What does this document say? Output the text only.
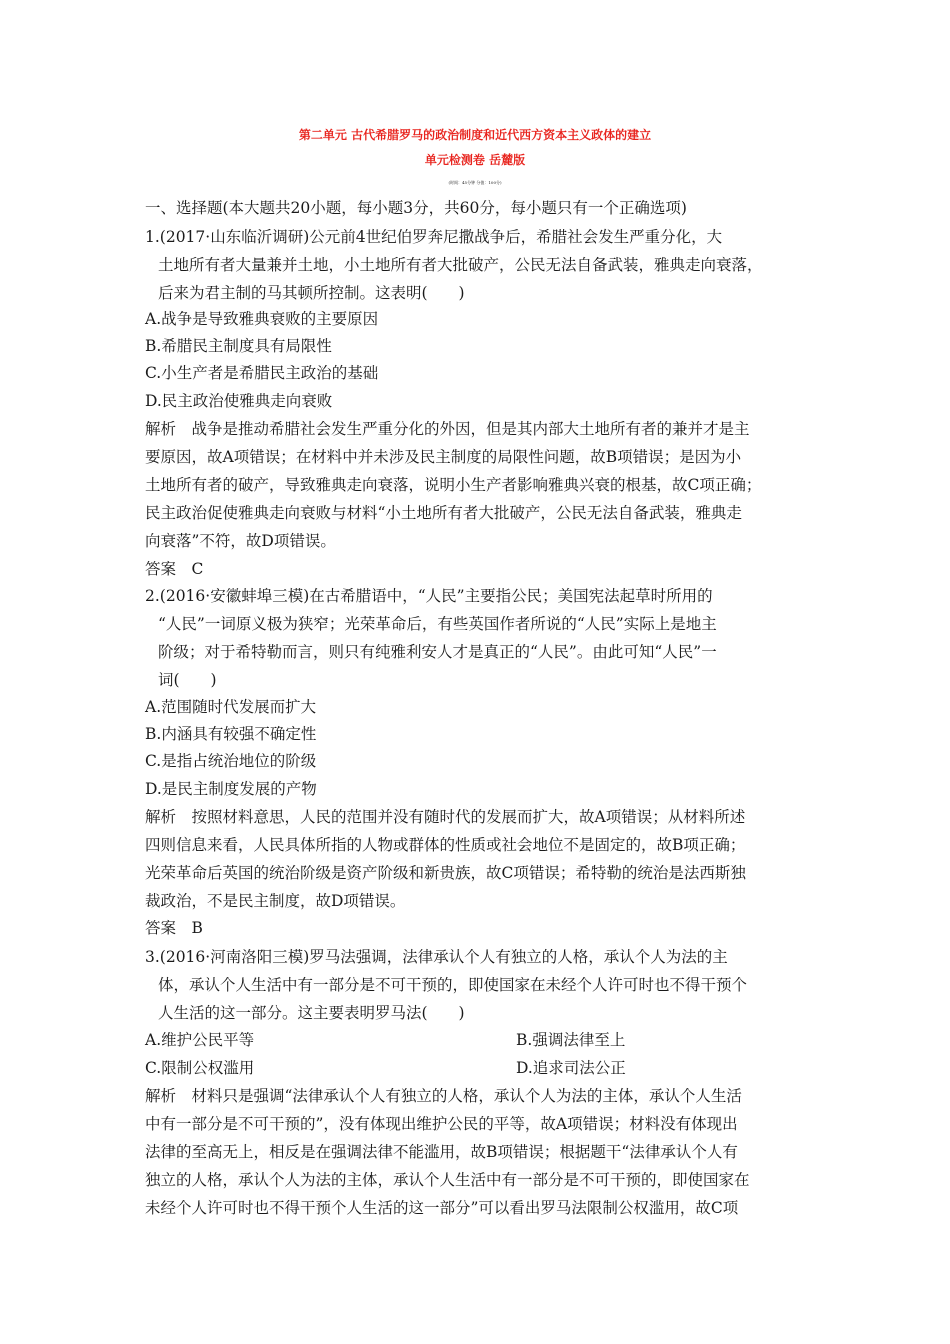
第二单元 古代希腊罗马的政治制度和近代西方资本主义政体的建立
单元检测卷 岳麓版
(时间：45分钟 分值：100分)
一、选择题(本大题共20小题，每小题3分，共60分，每小题只有一个正确选项)
1.(2017·山东临沂调研)公元前4世纪伯罗奔尼撒战争后，希腊社会发生严重分化，大
土地所有者大量兼并土地，小土地所有者大批破产，公民无法自备武装，雅典走向衰落，
后来为君主制的马其顿所控制。这表明(　　)
A.战争是导致雅典衰败的主要原因
B.希腊民主制度具有局限性
C.小生产者是希腊民主政治的基础
D.民主政治使雅典走向衰败
解析　战争是推动希腊社会发生严重分化的外因，但是其内部大土地所有者的兼并才是主
要原因，故A项错误；在材料中并未涉及民主制度的局限性问题，故B项错误；是因为小
土地所有者的破产，导致雅典走向衰落，说明小生产者影响雅典兴衰的根基，故C项正确；
民主政治促使雅典走向衰败与材料“小土地所有者大批破产，公民无法自备武装，雅典走
向衰落”不符，故D项错误。
答案　C
2.(2016·安徽蚌埠三模)在古希腊语中，“人民”主要指公民；美国宪法起草时所用的
“人民”一词原义极为狭窄；光荣革命后，有些英国作者所说的“人民”实际上是地主
阶级；对于希特勒而言，则只有纯雅利安人才是真正的“人民”。由此可知“人民”一
词(　　)
A.范围随时代发展而扩大
B.内涵具有较强不确定性
C.是指占统治地位的阶级
D.是民主制度发展的产物
解析　按照材料意思，人民的范围并没有随时代的发展而扩大，故A项错误；从材料所述
四则信息来看，人民具体所指的人物或群体的性质或社会地位不是固定的，故B项正确；
光荣革命后英国的统治阶级是资产阶级和新贵族，故C项错误；希特勒的统治是法西斯独
裁政治，不是民主制度，故D项错误。
答案　B
3.(2016·河南洛阳三模)罗马法强调，法律承认个人有独立的人格，承认个人为法的主
体，承认个人生活中有一部分是不可干预的，即使国家在未经个人许可时也不得干预个
人生活的这一部分。这主要表明罗马法(　　)
A.维护公民平等	B.强调法律至上
C.限制公权滥用	D.追求司法公正
解析　材料只是强调“法律承认个人有独立的人格，承认个人为法的主体，承认个人生活
中有一部分是不可干预的”，没有体现出维护公民的平等，故A项错误；材料没有体现出
法律的至高无上，相反是在强调法律不能滥用，故B项错误；根据题干“法律承认个人有
独立的人格，承认个人为法的主体，承认个人生活中有一部分是不可干预的，即使国家在
未经个人许可时也不得干预个人生活的这一部分”可以看出罗马法限制公权滥用，故C项
